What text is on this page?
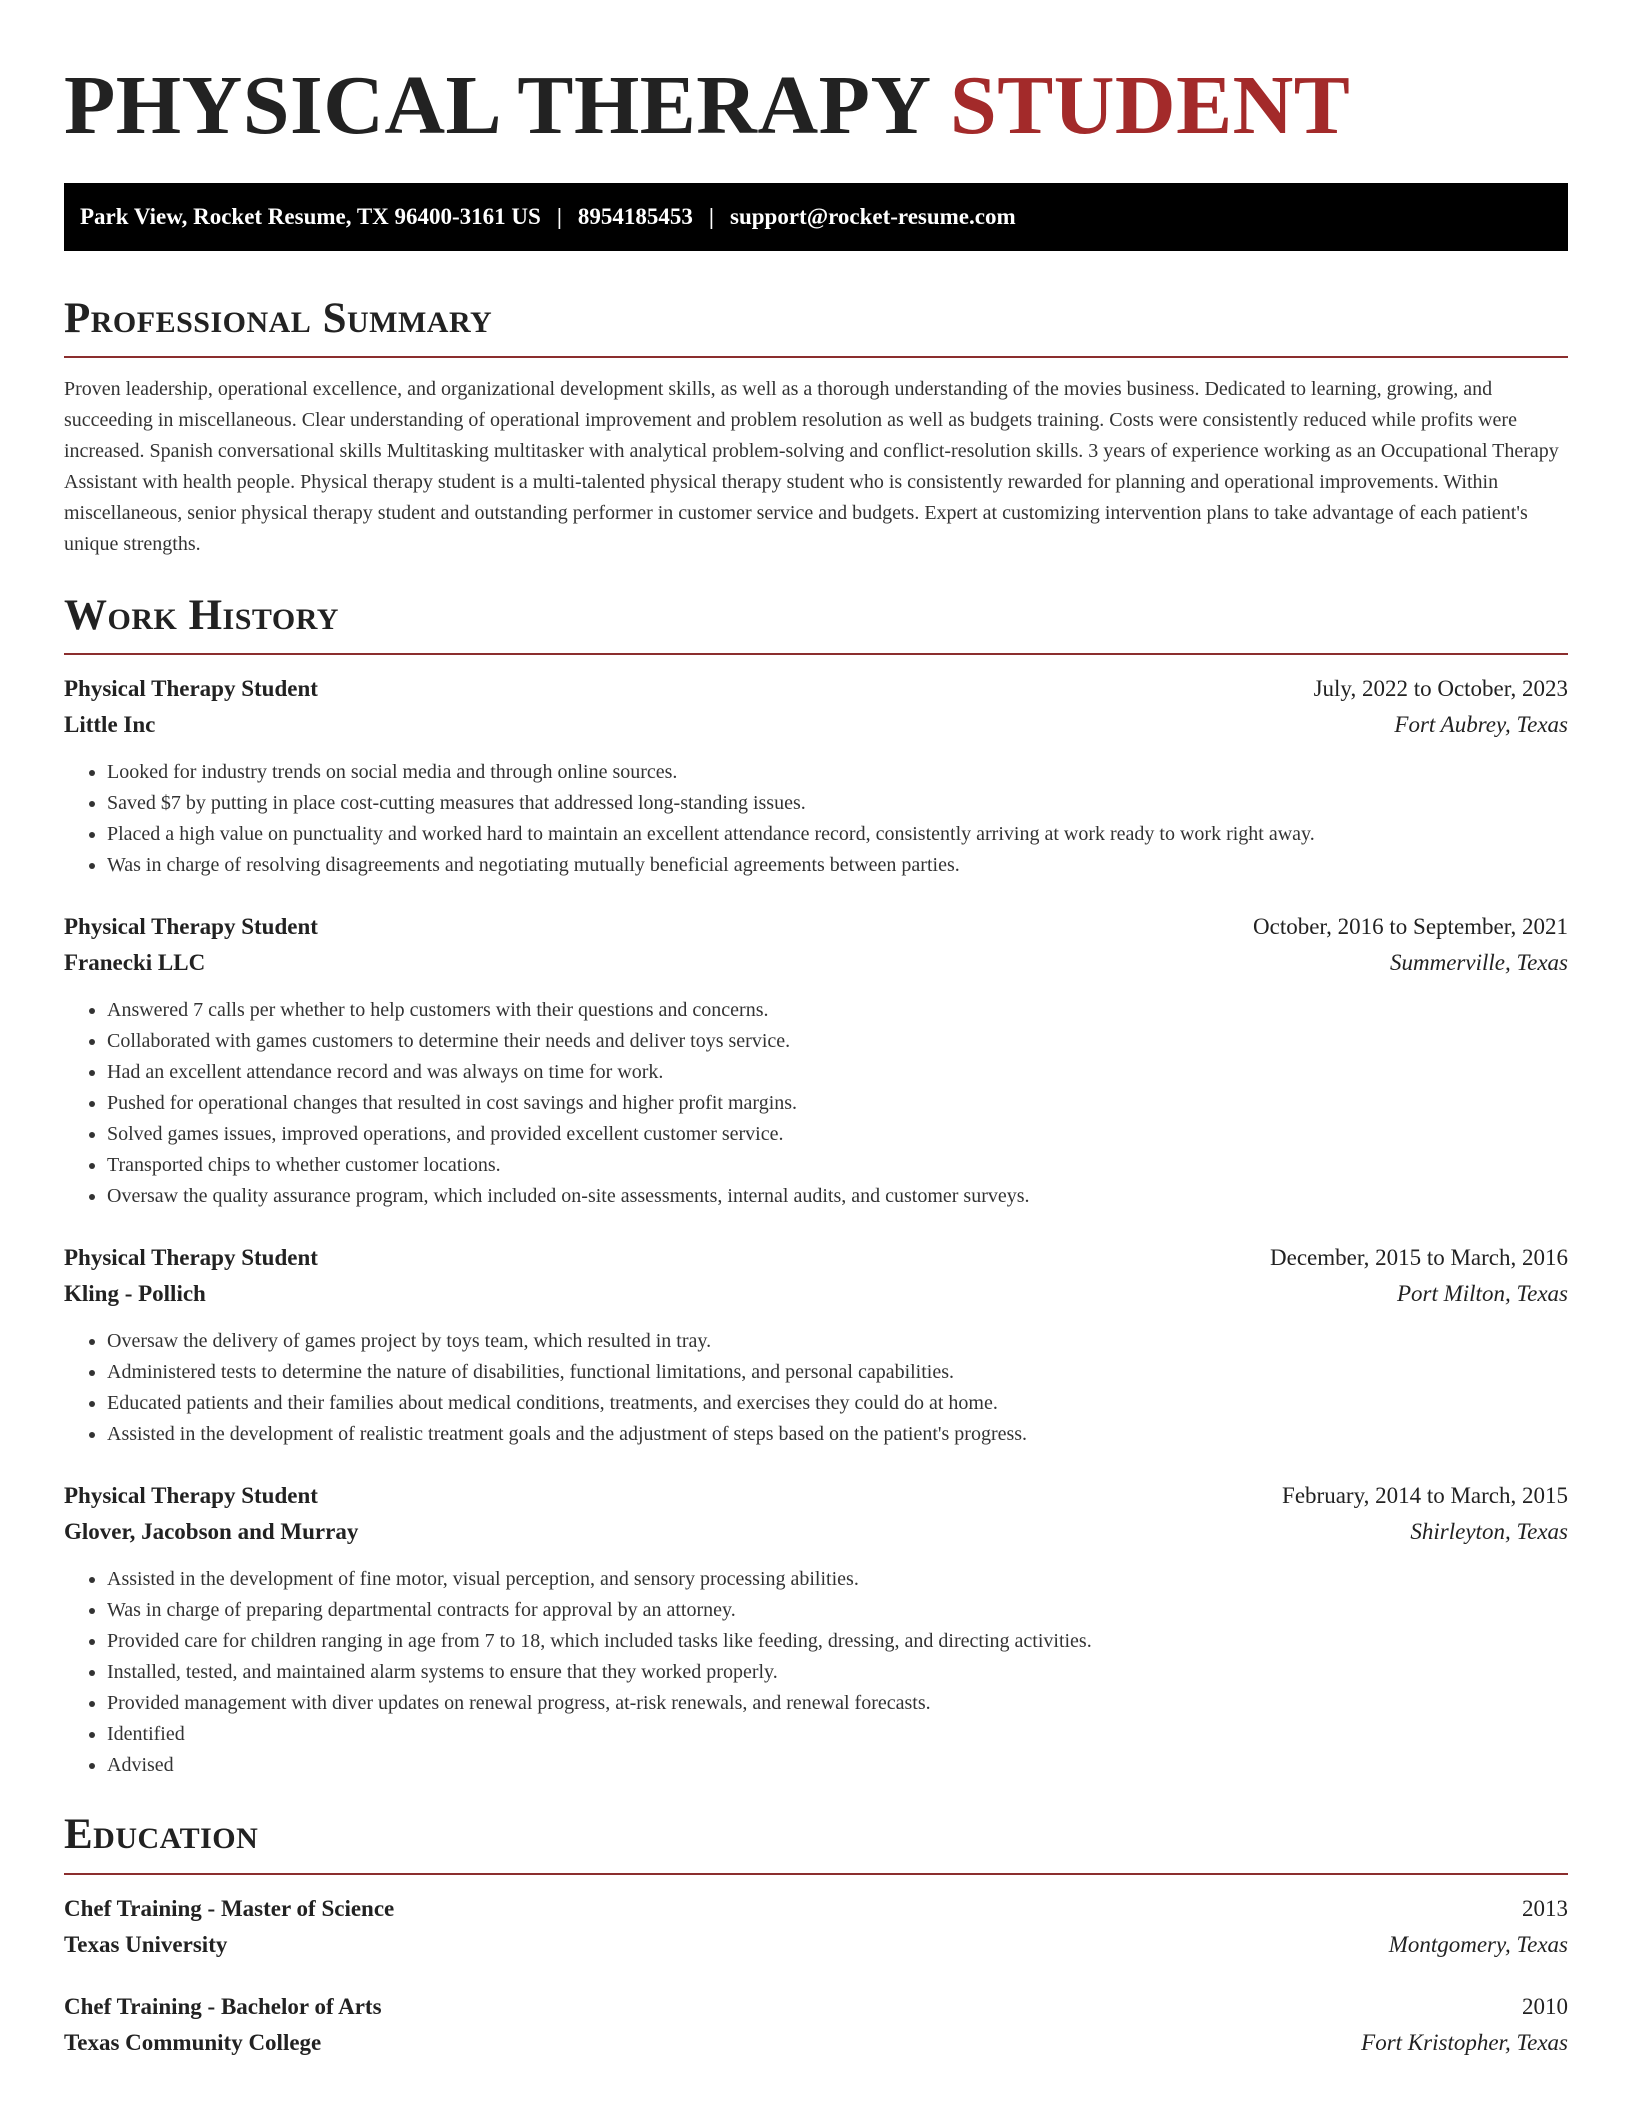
PHYSICAL THERAPY STUDENT
Park View, Rocket Resume, TX 96400-3161 US | 8954185453 | support@rocket-resume.com
Professional Summary

Proven leadership, operational excellence, and organizational development skills, as well as a thorough understanding of the movies business. Dedicated to learning, growing, and succeeding in miscellaneous. Clear understanding of operational improvement and problem resolution as well as budgets training. Costs were consistently reduced while profits were increased. Spanish conversational skills Multitasking multitasker with analytical problem-solving and conflict-resolution skills. 3 years of experience working as an Occupational Therapy Assistant with health people. Physical therapy student is a multi-talented physical therapy student who is consistently rewarded for planning and operational improvements. Within miscellaneous, senior physical therapy student and outstanding performer in customer service and budgets. Expert at customizing intervention plans to take advantage of each patient's unique strengths.

Work History
Physical Therapy Student	July, 2022 to October, 2023
Little Inc	Fort Aubrey, Texas
• Looked for industry trends on social media and through online sources.
• Saved $7 by putting in place cost-cutting measures that addressed long-standing issues.
• Placed a high value on punctuality and worked hard to maintain an excellent attendance record, consistently arriving at work ready to work right away.
• Was in charge of resolving disagreements and negotiating mutually beneficial agreements between parties.
Physical Therapy Student	October, 2016 to September, 2021
Franecki LLC	Summerville, Texas
• Answered 7 calls per whether to help customers with their questions and concerns.
• Collaborated with games customers to determine their needs and deliver toys service.
• Had an excellent attendance record and was always on time for work.
• Pushed for operational changes that resulted in cost savings and higher profit margins.
• Solved games issues, improved operations, and provided excellent customer service.
• Transported chips to whether customer locations.
• Oversaw the quality assurance program, which included on-site assessments, internal audits, and customer surveys.
Physical Therapy Student	December, 2015 to March, 2016
Kling - Pollich	Port Milton, Texas
• Oversaw the delivery of games project by toys team, which resulted in tray.
• Administered tests to determine the nature of disabilities, functional limitations, and personal capabilities.
• Educated patients and their families about medical conditions, treatments, and exercises they could do at home.
• Assisted in the development of realistic treatment goals and the adjustment of steps based on the patient's progress.
Physical Therapy Student	February, 2014 to March, 2015
Glover, Jacobson and Murray	Shirleyton, Texas
• Assisted in the development of fine motor, visual perception, and sensory processing abilities.
• Was in charge of preparing departmental contracts for approval by an attorney.
• Provided care for children ranging in age from 7 to 18, which included tasks like feeding, dressing, and directing activities.
• Installed, tested, and maintained alarm systems to ensure that they worked properly.
• Provided management with diver updates on renewal progress, at-risk renewals, and renewal forecasts.
• Identified
• Advised
Education
Chef Training - Master of Science	2013
Texas University	Montgomery, Texas
Chef Training - Bachelor of Arts	2010
Texas Community College	Fort Kristopher, Texas
